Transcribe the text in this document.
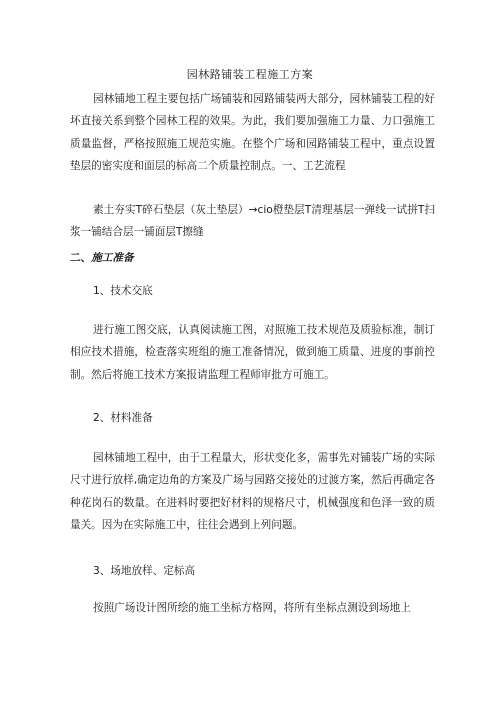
园林路铺装工程施工方案

园林铺地工程主要包括广场铺装和园路铺装两大部分，园林铺装工程的好坏直接关系到整个园林工程的效果。为此，我们要加强施工力量、力口强施工质量监督，严格按照施工规范实施。在整个广场和园路铺装工程中，重点设置垫层的密实度和面层的标高二个质量控制点。一、工艺流程

素土夯实T碎石垫层（灰土垫层）→cio橙垫层T清理基层一弹线一试拼T扫浆一铺结合层一铺面层T擦缝

二、施工准备
1、技术交底

进行施工图交底，认真阅读施工图，对照施工技术规范及质验标准，制订相应技术措施，检查落实班组的施工准备情况，做到施工质量、进度的事前控制。然后将施工技术方案报请监理工程师审批方可施工。

2、材料准备

园林铺地工程中，由于工程量大，形状变化多，需事先对铺装广场的实际尺寸进行放样,确定边角的方案及广场与园路交接处的过渡方案，然后再确定各种花岗石的数量。在进料时要把好材料的规格尺寸，机械强度和色泽一致的质量关。因为在实际施工中，往往会遇到上列问题。

3、场地放样、定标高

按照广场设计图所绘的施工坐标方格网，将所有坐标点测设到场地上
